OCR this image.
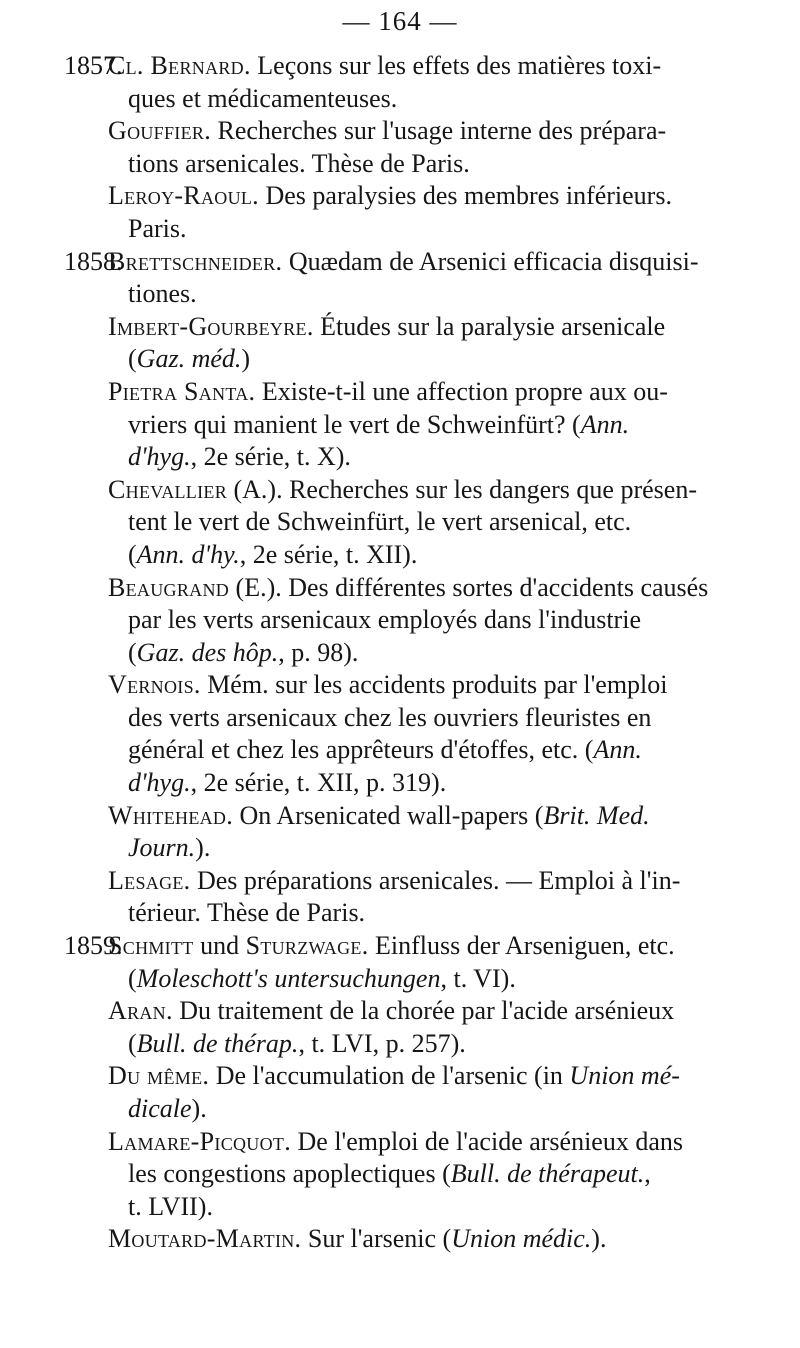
— 164 —
1857.
Cl. Bernard. Leçons sur les effets des matières toxi-
ques et médicamenteuses.
Gouffier. Recherches sur l'usage interne des prépara-
tions arsenicales. Thèse de Paris.
Leroy-Raoul. Des paralysies des membres inférieurs.
Paris.
1858.
Brettschneider. Quædam de Arsenici efficacia disquisi-
tiones.
Imbert-Gourbeyre. Études sur la paralysie arsenicale
(Gaz. méd.)
Pietra Santa. Existe-t-il une affection propre aux ou-
vriers qui manient le vert de Schweinfürt? (Ann.
d'hyg., 2e série, t. X).
Chevallier (A.). Recherches sur les dangers que présen-
tent le vert de Schweinfürt, le vert arsenical, etc.
(Ann. d'hy., 2e série, t. XII).
Beaugrand (E.). Des différentes sortes d'accidents causés
par les verts arsenicaux employés dans l'industrie
(Gaz. des hôp., p. 98).
Vernois. Mém. sur les accidents produits par l'emploi
des verts arsenicaux chez les ouvriers fleuristes en
général et chez les apprêteurs d'étoffes, etc. (Ann.
d'hyg., 2e série, t. XII, p. 319).
Whitehead. On Arsenicated wall-papers (Brit. Med.
Journ.).
Lesage. Des préparations arsenicales. — Emploi à l'in-
térieur. Thèse de Paris.
1859.
Schmitt und Sturzwage. Einfluss der Arseniguen, etc.
(Moleschott's untersuchungen, t. VI).
Aran. Du traitement de la chorée par l'acide arsénieux
(Bull. de thérap., t. LVI, p. 257).
Du même. De l'accumulation de l'arsenic (in Union mé-
dicale).
Lamare-Picquot. De l'emploi de l'acide arsénieux dans
les congestions apoplectiques (Bull. de thérapeut.,
t. LVII).
Moutard-Martin. Sur l'arsenic (Union médic.).
